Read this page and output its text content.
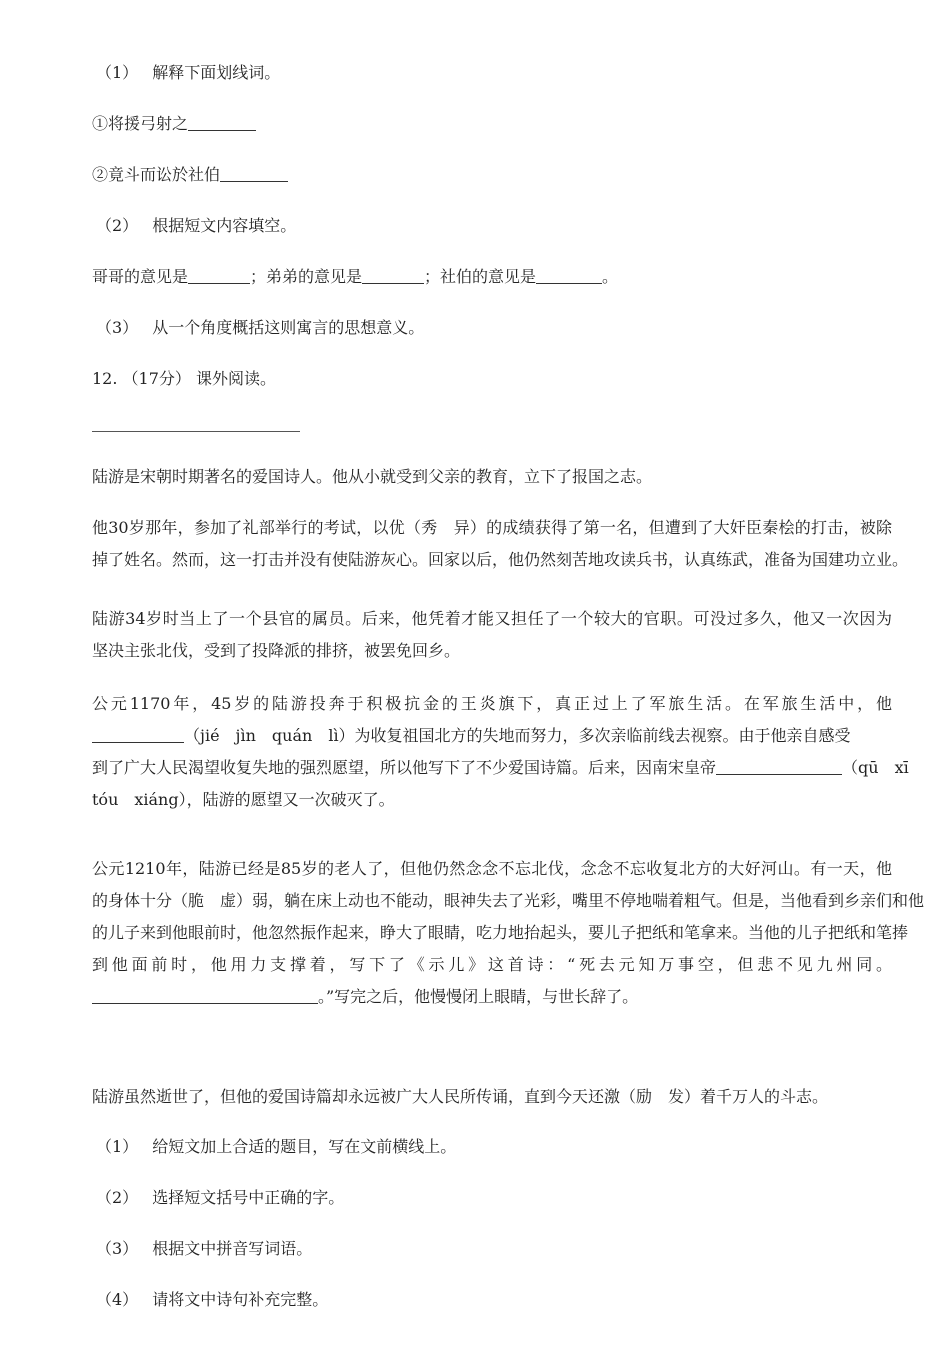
（1） 解释下面划线词。
①将援弓射之
②竟斗而讼於社伯
（2） 根据短文内容填空。
哥哥的意见是	；弟弟的意见是	；社伯的意见是	。
（3） 从一个角度概括这则寓言的思想意义。
12. （17分） 课外阅读。
陆游是宋朝时期著名的爱国诗人。他从小就受到父亲的教育，立下了报国之志。
他30岁那年，参加了礼部举行的考试，以优（秀　异）的成绩获得了第一名，但遭到了大奸臣秦桧的打击，被除
掉了姓名。然而，这一打击并没有使陆游灰心。回家以后，他仍然刻苦地攻读兵书，认真练武，准备为国建功立业。
陆游34岁时当上了一个县官的属员。后来，他凭着才能又担任了一个较大的官职。可没过多久，他又一次因为
坚决主张北伐，受到了投降派的排挤，被罢免回乡。
公元1170年，45岁的陆游投奔于积极抗金的王炎旗下，真正过上了军旅生活。在军旅生活中，他
（jié　jìn　quán　lì）为收复祖国北方的失地而努力，多次亲临前线去视察。由于他亲自感受
到了广大人民渴望收复失地的强烈愿望，所以他写下了不少爱国诗篇。后来，因南宋皇帝	（qū　xī
tóu　xiáng），陆游的愿望又一次破灭了。
公元1210年，陆游已经是85岁的老人了，但他仍然念念不忘北伐，念念不忘收复北方的大好河山。有一天，他
的身体十分（脆　虚）弱，躺在床上动也不能动，眼神失去了光彩，嘴里不停地喘着粗气。但是，当他看到乡亲们和他
的儿子来到他眼前时，他忽然振作起来，睁大了眼睛，吃力地抬起头，要儿子把纸和笔拿来。当他的儿子把纸和笔捧
到他面前时，他用力支撑着，写下了《示儿》这首诗：“死去元知万事空，但悲不见九州同。
。”写完之后，他慢慢闭上眼睛，与世长辞了。
陆游虽然逝世了，但他的爱国诗篇却永远被广大人民所传诵，直到今天还激（励　发）着千万人的斗志。
（1） 给短文加上合适的题目，写在文前横线上。
（2） 选择短文括号中正确的字。
（3） 根据文中拼音写词语。
（4） 请将文中诗句补充完整。
